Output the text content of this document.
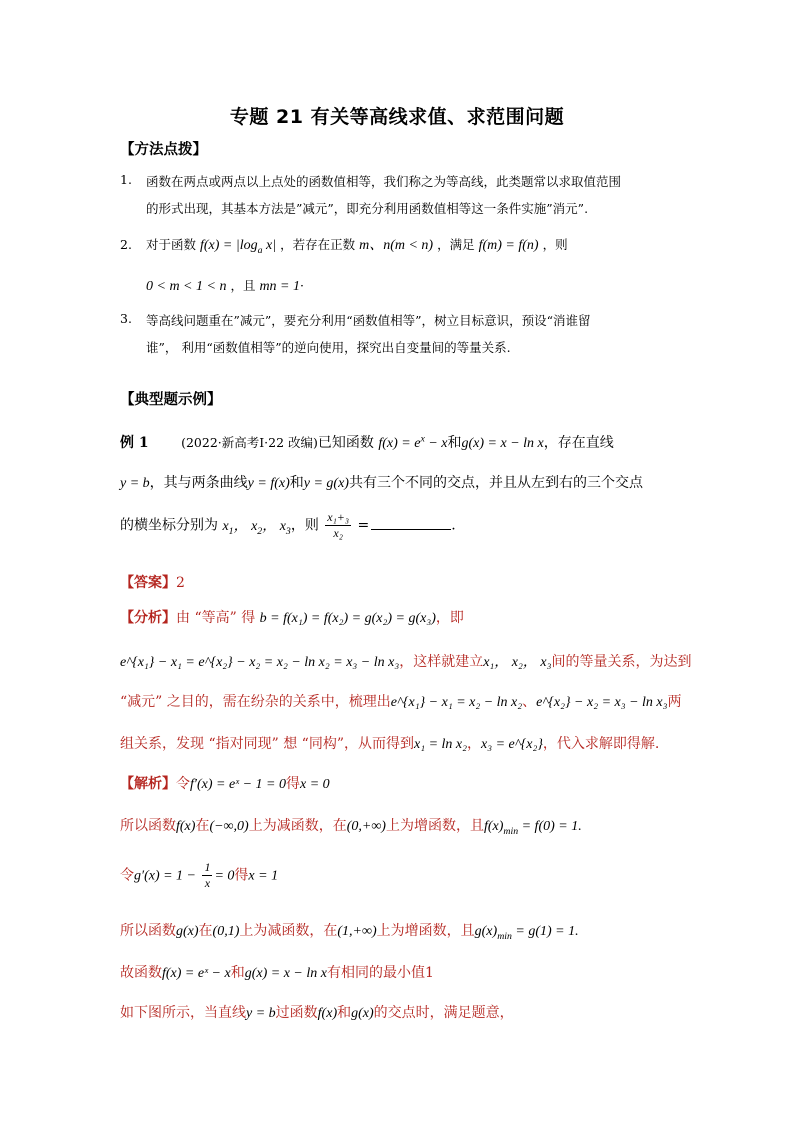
专题 21 有关等高线求值、求范围问题
【方法点拨】
1. 函数在两点或两点以上点处的函数值相等，我们称之为等高线，此类题常以求取值范围
的形式出现，其基本方法是”减元”，即充分利用函数值相等这一条件实施”消元”.
2. 对于函数 $f(x) = |\log_a$ x| ，若存在正数 m、n(m < n) ，满足 f(m) = f(n) ，则
0 < m < 1 < n ，且 mn = 1·
3. 等高线问题重在”减元”，要充分利用“函数值相等”，树立目标意识，预设“消谁留
谁”， 利用“函数值相等”的逆向使用，探究出自变量间的等量关系.
【典型题示例】
例 1	(2022·新高考Ⅰ·22 改编)已知函数 $f(x) = e^x - x$和g(x) = x − ln x，存在直线
y = b，其与两条曲线y = f(x)和y = g(x)共有三个不同的交点，并且从左到右的三个交点
的横坐标分别为 $x_1$， $x_2$， $x_3$，则 $\frac{\text{x₁+₃}}{\text{x₂}}$ =	.
【答案】2
【分析】由 “等高” 得 b = f(x₁) = f(x₂) = g(x₂) = g(x₃)，即
e^{x₁} − x₁ = e^{x₂} − x₂ = x₂ − ln x₂ = x₃ − ln x₃，这样就建立x₁， x₂， x₃间的等量关系，为达到
“减元” 之目的，需在纷杂的关系中，梳理出e^{x₁} − x₁ = x₂ − ln x₂、e^{x₂} − x₂ = x₃ − ln x₃两
组关系，发现 “指对同现” 想 “同构”，从而得到x₁ = ln x₂，x₃ = e^{x₂}，代入求解即得解.
【解析】令f′(x) = eˣ − 1 = 0得x = 0
所以函数f(x)在(−∞,0)上为减函数，在(0,+∞)上为增函数，且$f(x)_{min} = f(0) = 1$.
令$g'(x) = 1 - \frac{1}{x} = 0$得x = 1
所以函数g(x)在(0,1)上为减函数，在(1,+∞)上为增函数，且$g(x)_{min} = g(1) = 1$.
故函数f(x) = eˣ − x和g(x) = x − ln x有相同的最小值1
如下图所示，当直线y = b过函数f(x)和g(x)的交点时，满足题意，
